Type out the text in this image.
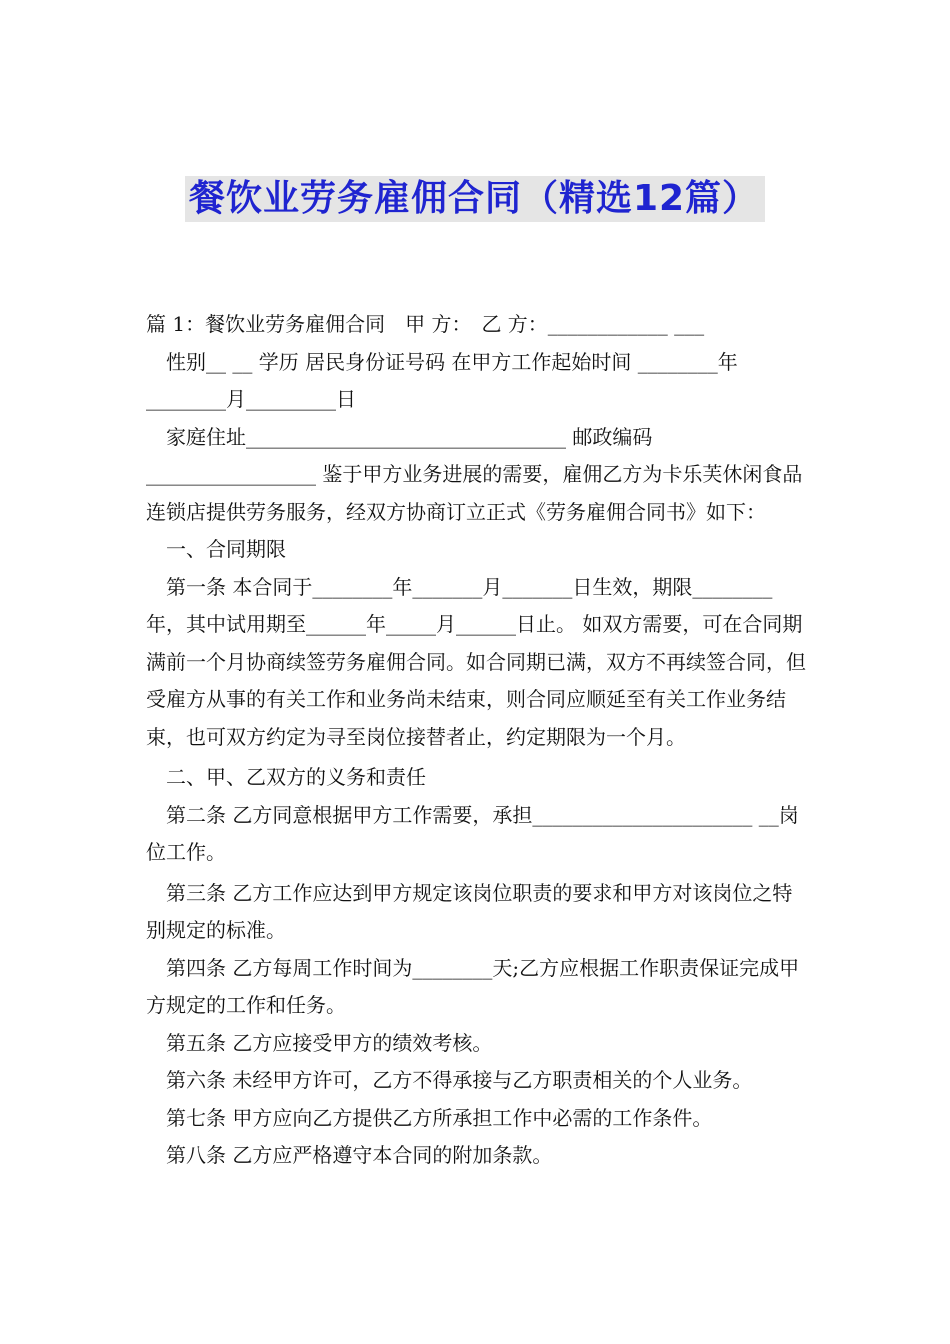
餐饮业劳务雇佣合同（精选12篇）

篇 1：餐饮业劳务雇佣合同　甲 方：　乙 方：____________ ___

性别__ __ 学历 居民身份证号码 在甲方工作起始时间 ________年________月_________日

家庭住址________________________________ 邮政编码_________________ 鉴于甲方业务进展的需要，雇佣乙方为卡乐芙休闲食品连锁店提供劳务服务，经双方协商订立正式《劳务雇佣合同书》如下：

一、合同期限

第一条 本合同于________年_______月_______日生效，期限________年，其中试用期至______年_____月______日止。 如双方需要，可在合同期满前一个月协商续签劳务雇佣合同。如合同期已满，双方不再续签合同，但受雇方从事的有关工作和业务尚未结束，则合同应顺延至有关工作业务结束，也可双方约定为寻至岗位接替者止，约定期限为一个月。

二、甲、乙双方的义务和责任

第二条 乙方同意根据甲方工作需要，承担______________________ __岗位工作。

第三条 乙方工作应达到甲方规定该岗位职责的要求和甲方对该岗位之特别规定的标准。

第四条 乙方每周工作时间为________天;乙方应根据工作职责保证完成甲方规定的工作和任务。

第五条 乙方应接受甲方的绩效考核。

第六条 未经甲方许可，乙方不得承接与乙方职责相关的个人业务。

第七条 甲方应向乙方提供乙方所承担工作中必需的工作条件。

第八条 乙方应严格遵守本合同的附加条款。
